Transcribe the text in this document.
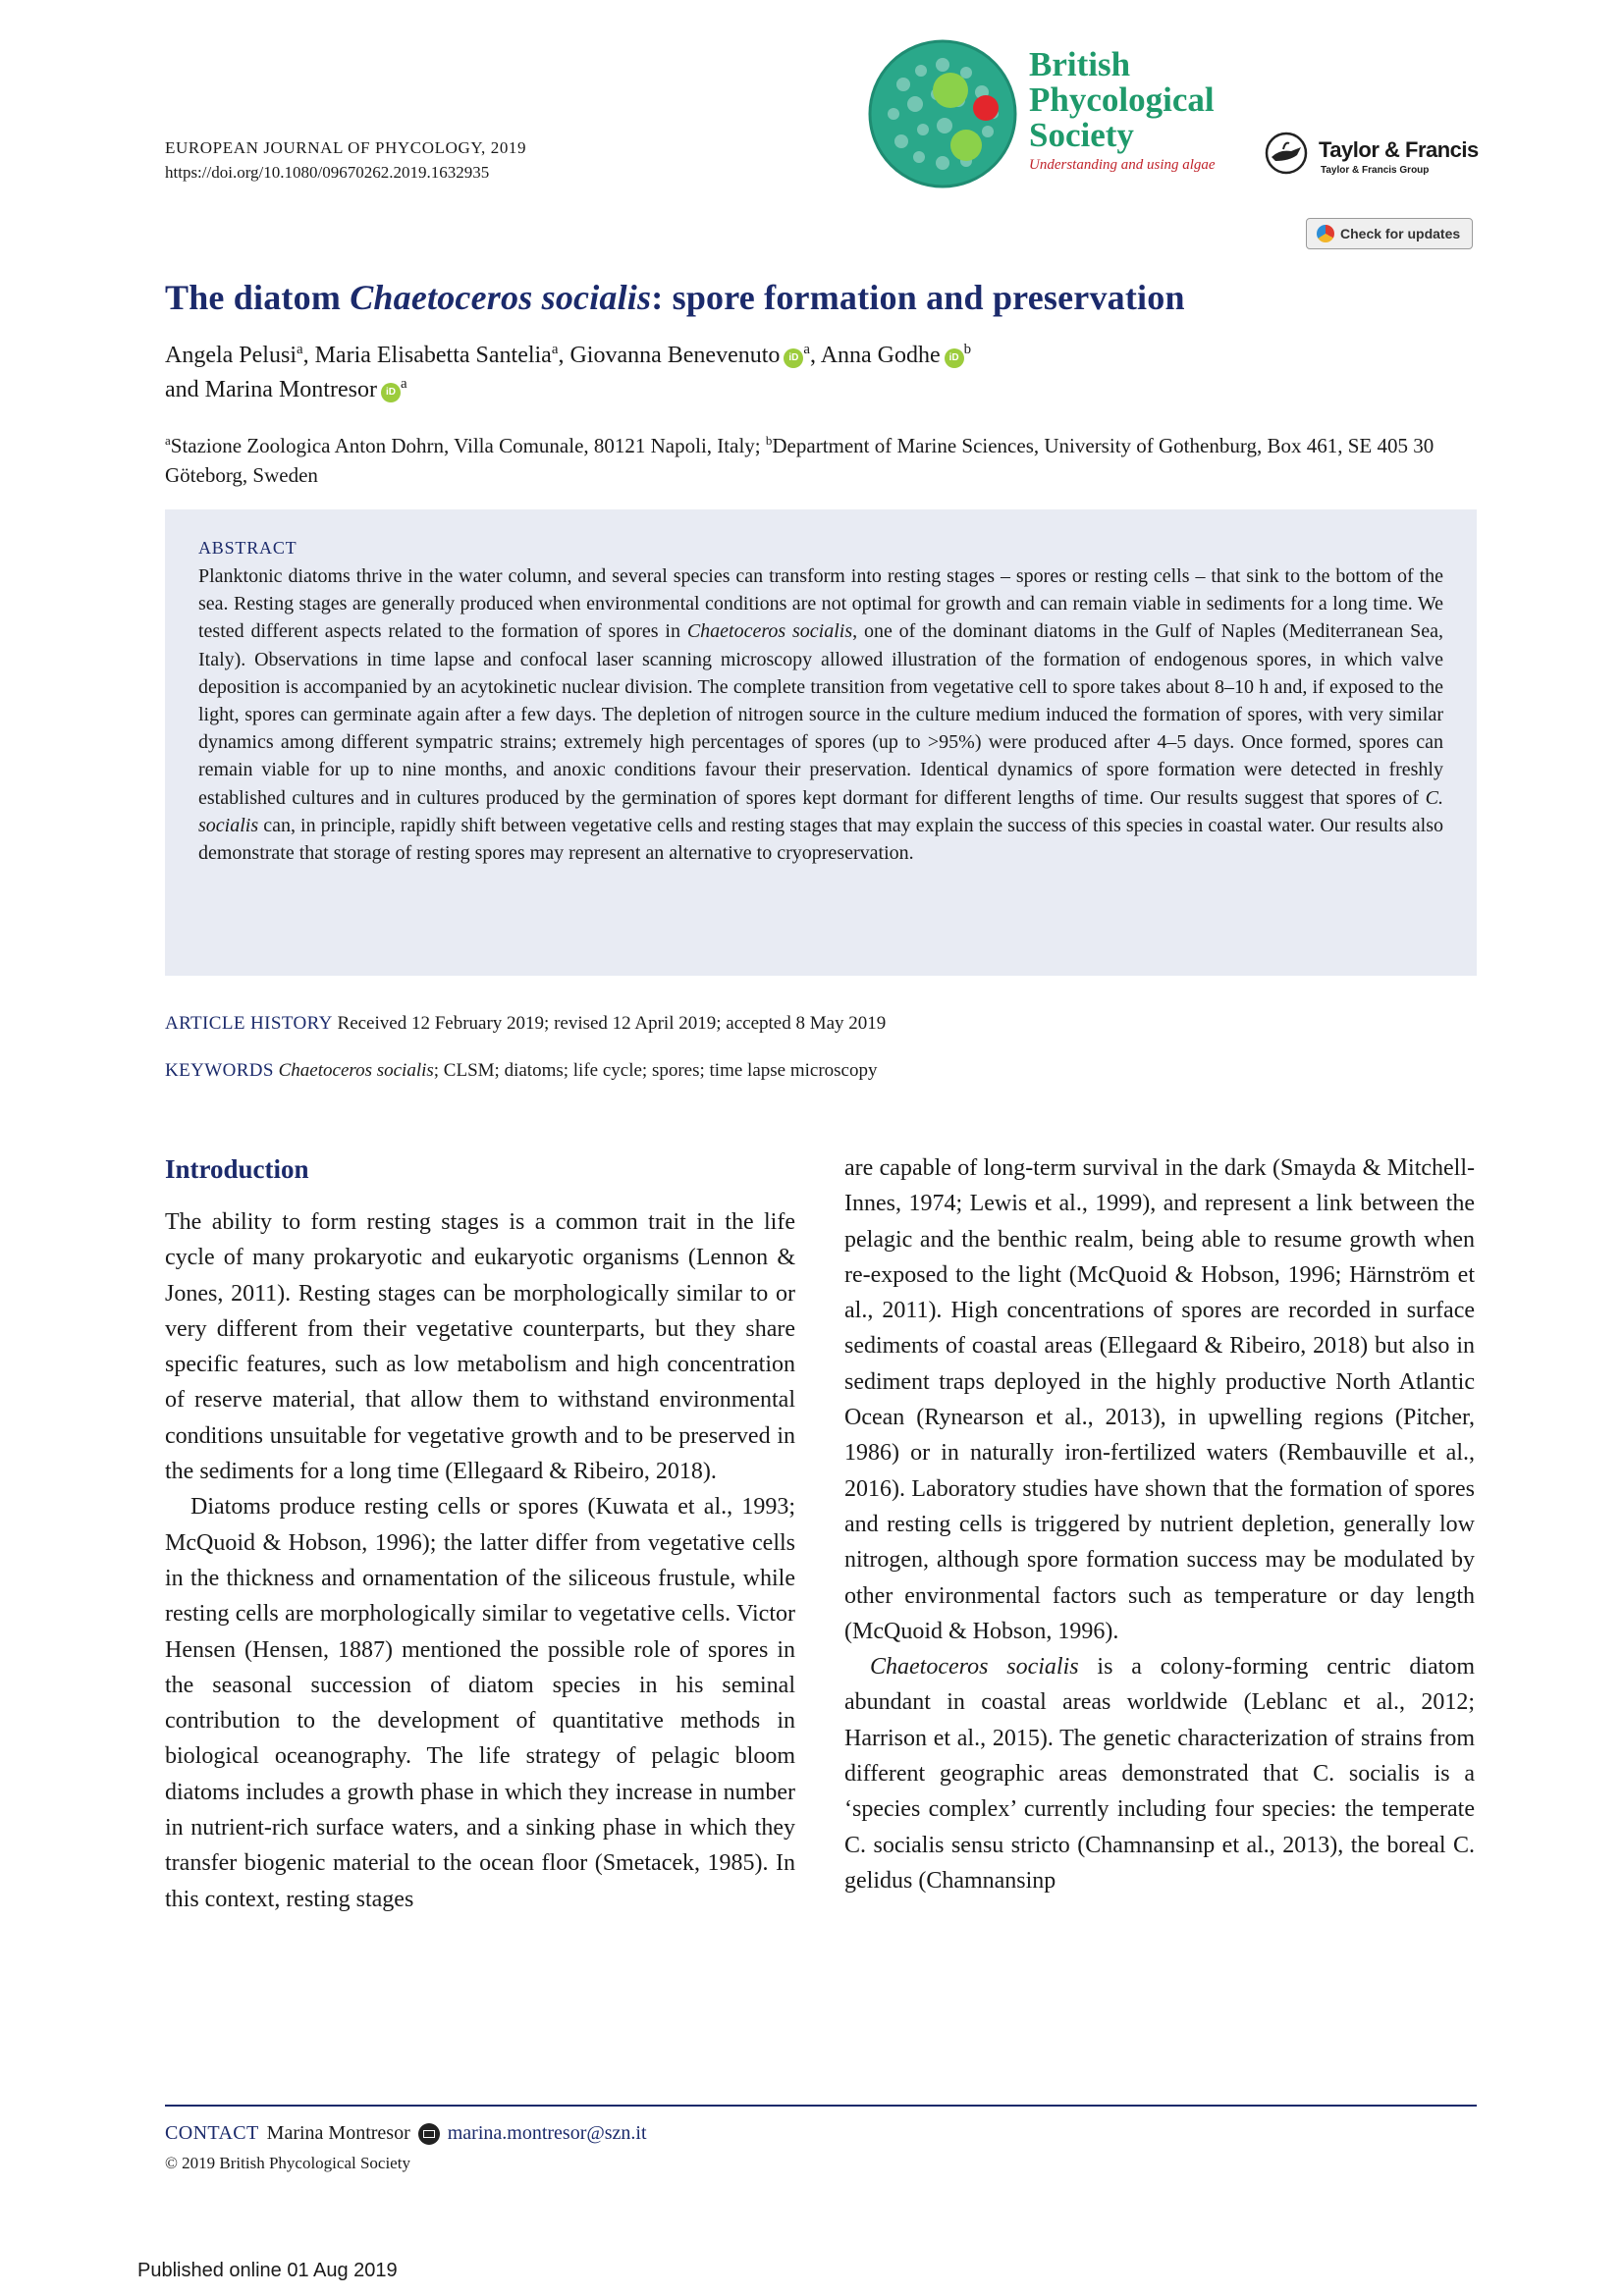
EUROPEAN JOURNAL OF PHYCOLOGY, 2019
https://doi.org/10.1080/09670262.2019.1632935
British
Phycological
Society
Understanding and using algae
Taylor & Francis
Taylor & Francis Group
Check for updates
The diatom Chaetoceros socialis: spore formation and preservation
Angela Pelusi$^a$, Maria Elisabetta Santelia$^a$, Giovanna Benevenuto $iD^a$, Anna Godhe $iD^b$
and Marina Montresor $iD^a$
$^a$Stazione Zoologica Anton Dohrn, Villa Comunale, 80121 Napoli, Italy; $^b$Department of Marine Sciences, University of Gothenburg, Box 461, SE 405 30 Göteborg, Sweden
ABSTRACT
Planktonic diatoms thrive in the water column, and several species can transform into resting stages – spores or resting cells – that sink to the bottom of the sea. Resting stages are generally produced when environmental conditions are not optimal for growth and can remain viable in sediments for a long time. We tested different aspects related to the formation of spores in Chaetoceros socialis, one of the dominant diatoms in the Gulf of Naples (Mediterranean Sea, Italy). Observations in time lapse and confocal laser scanning microscopy allowed illustration of the formation of endogenous spores, in which valve deposition is accompanied by an acytokinetic nuclear division. The complete transition from vegetative cell to spore takes about 8–10 h and, if exposed to the light, spores can germinate again after a few days. The depletion of nitrogen source in the culture medium induced the formation of spores, with very similar dynamics among different sympatric strains; extremely high percentages of spores (up to >95%) were produced after 4–5 days. Once formed, spores can remain viable for up to nine months, and anoxic conditions favour their preservation. Identical dynamics of spore formation were detected in freshly established cultures and in cultures produced by the germination of spores kept dormant for different lengths of time. Our results suggest that spores of C. socialis can, in principle, rapidly shift between vegetative cells and resting stages that may explain the success of this species in coastal water. Our results also demonstrate that storage of resting spores may represent an alternative to cryopreservation.
ARTICLE HISTORY Received 12 February 2019; revised 12 April 2019; accepted 8 May 2019
KEYWORDS Chaetoceros socialis; CLSM; diatoms; life cycle; spores; time lapse microscopy
Introduction

The ability to form resting stages is a common trait in the life cycle of many prokaryotic and eukaryotic organisms (Lennon & Jones, 2011). Resting stages can be morphologically similar to or very different from their vegetative counterparts, but they share specific features, such as low metabolism and high concentration of reserve material, that allow them to withstand environmental conditions unsuitable for vegetative growth and to be preserved in the sediments for a long time (Ellegaard & Ribeiro, 2018).

Diatoms produce resting cells or spores (Kuwata et al., 1993; McQuoid & Hobson, 1996); the latter differ from vegetative cells in the thickness and ornamentation of the siliceous frustule, while resting cells are morphologically similar to vegetative cells. Victor Hensen (Hensen, 1887) mentioned the possible role of spores in the seasonal succession of diatom species in his seminal contribution to the development of quantitative methods in biological oceanography. The life strategy of pelagic bloom diatoms includes a growth phase in which they increase in number in nutrient-rich surface waters, and a sinking phase in which they transfer biogenic material to the ocean floor (Smetacek, 1985). In this context, resting stages

are capable of long-term survival in the dark (Smayda & Mitchell-Innes, 1974; Lewis et al., 1999), and represent a link between the pelagic and the benthic realm, being able to resume growth when re-exposed to the light (McQuoid & Hobson, 1996; Härnström et al., 2011). High concentrations of spores are recorded in surface sediments of coastal areas (Ellegaard & Ribeiro, 2018) but also in sediment traps deployed in the highly productive North Atlantic Ocean (Rynearson et al., 2013), in upwelling regions (Pitcher, 1986) or in naturally iron-fertilized waters (Rembauville et al., 2016). Laboratory studies have shown that the formation of spores and resting cells is triggered by nutrient depletion, generally low nitrogen, although spore formation success may be modulated by other environmental factors such as temperature or day length (McQuoid & Hobson, 1996).

Chaetoceros socialis is a colony-forming centric diatom abundant in coastal areas worldwide (Leblanc et al., 2012; Harrison et al., 2015). The genetic characterization of strains from different geographic areas demonstrated that C. socialis is a ‘species complex’ currently including four species: the temperate C. socialis sensu stricto (Chamnansinp et al., 2013), the boreal C. gelidus (Chamnansinp

CONTACT Marina Montresor marina.montresor@szn.it
© 2019 British Phycological Society
Published online 01 Aug 2019
